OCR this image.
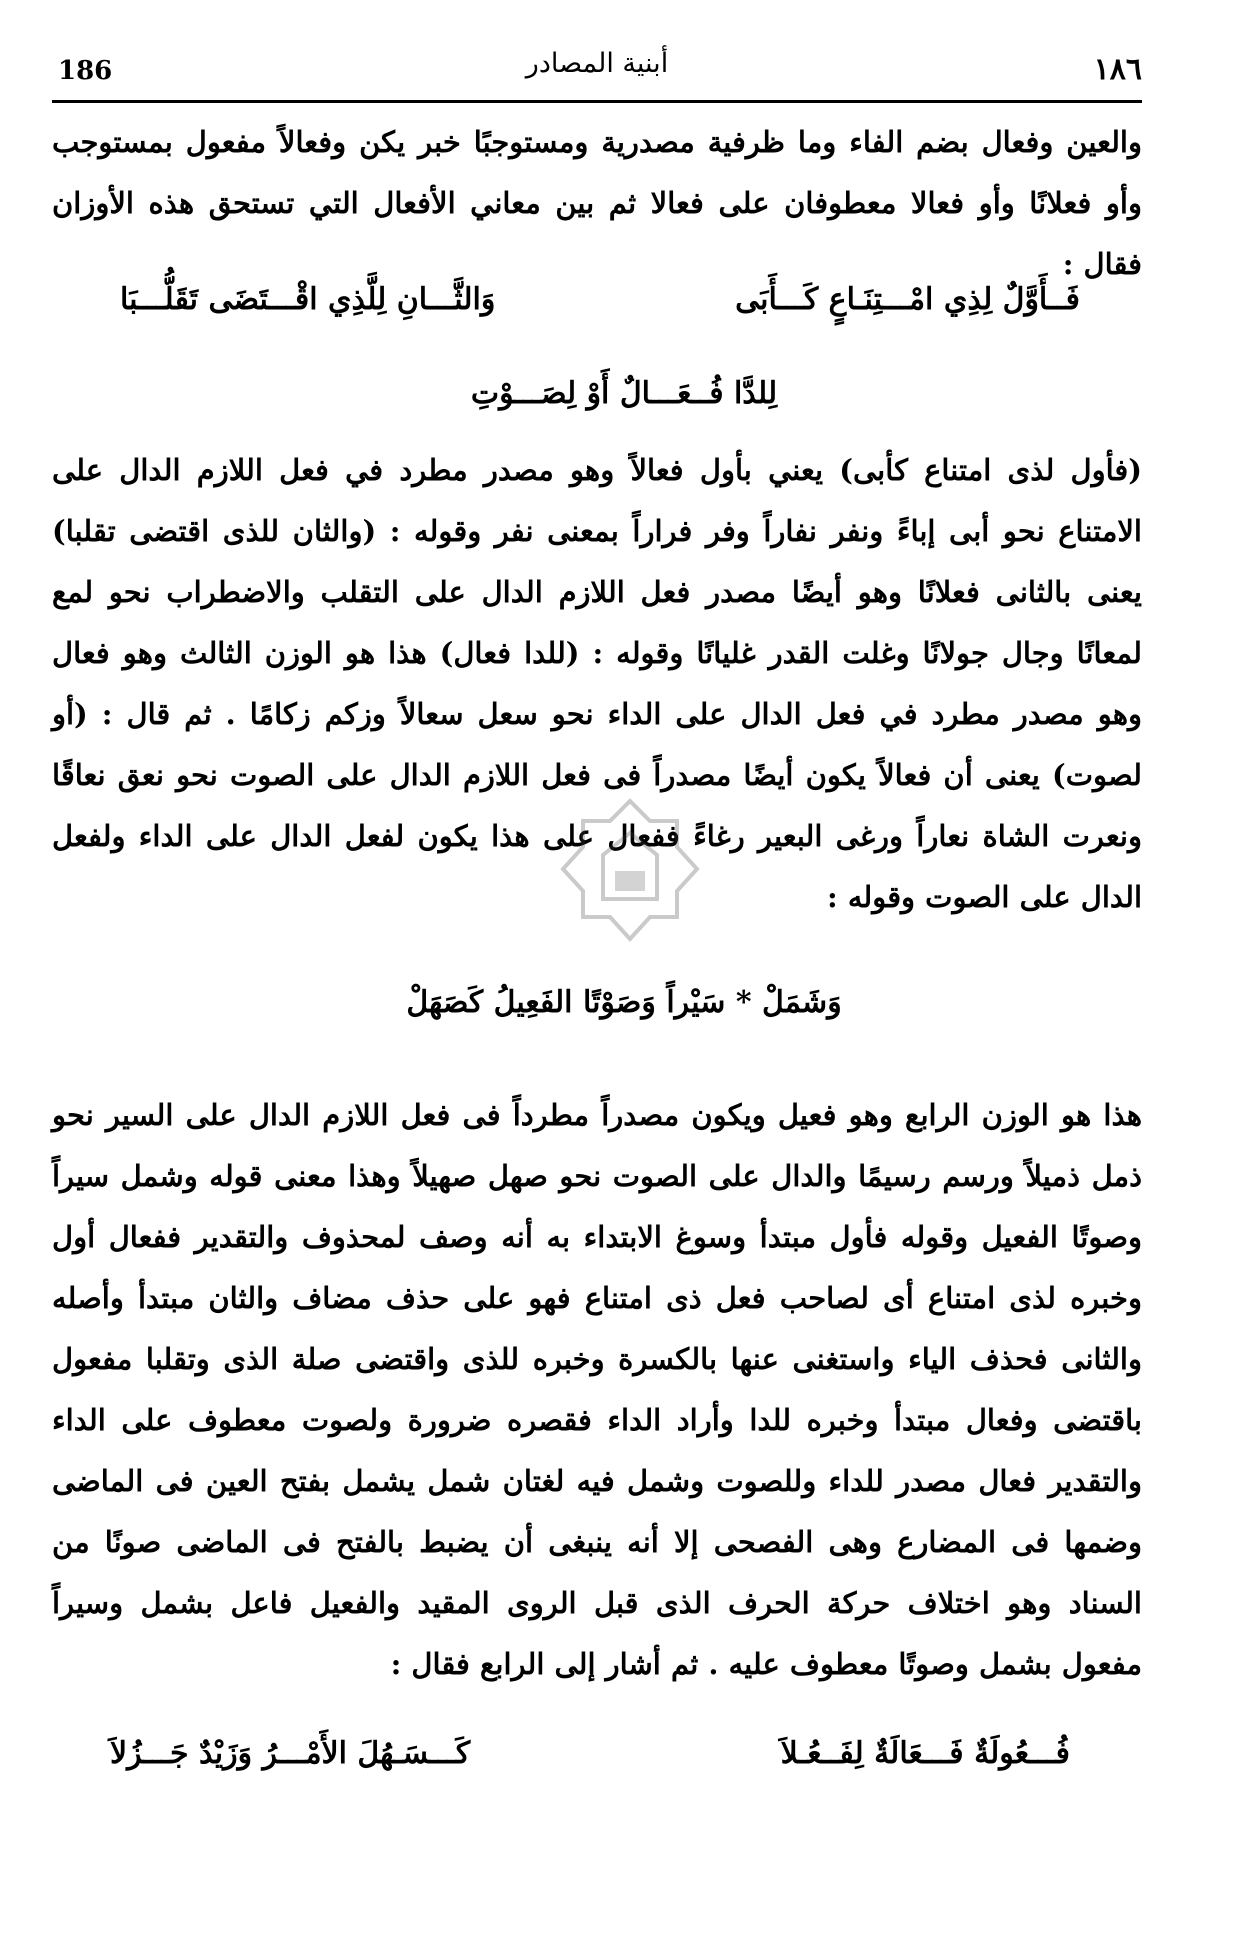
186	أبنية المصادر	١٨٦
والعين وفعال بضم الفاء وما ظرفية مصدرية ومستوجبًا خبر يكن وفعالاً مفعول بمستوجب وأو فعلانًا وأو فعالا معطوفان على فعالا ثم بين معاني الأفعال التي تستحق هذه الأوزان فقال :
فَــأَوَّلٌ لِذِي امْـــتِنَـاعٍ كَـــأَبَى
وَالثَّـــانِ لِلَّذِي اقْـــتَضَى تَقَلُّـــبَا
لِلدَّا فُــعَـــالٌ أَوْ لِصَـــوْتِ
(فأول لذى امتناع كأبى) يعني بأول فعالاً وهو مصدر مطرد في فعل اللازم الدال على الامتناع نحو أبى إباءً ونفر نفاراً وفر فراراً بمعنى نفر وقوله : (والثان للذى اقتضى تقلبا) يعنى بالثانى فعلانًا وهو أيضًا مصدر فعل اللازم الدال على التقلب والاضطراب نحو لمع لمعانًا وجال جولانًا وغلت القدر غليانًا وقوله : (للدا فعال) هذا هو الوزن الثالث وهو فعال وهو مصدر مطرد في فعل الدال على الداء نحو سعل سعالاً وزكم زكامًا . ثم قال : (أو لصوت) يعنى أن فعالاً يكون أيضًا مصدراً فى فعل اللازم الدال على الصوت نحو نعق نعاقًا ونعرت الشاة نعاراً ورغى البعير رغاءً ففعال على هذا يكون لفعل الدال على الداء ولفعل الدال على الصوت وقوله :
وَشَمَلْ * سَيْراً وَصَوْتًا الفَعِيلُ كَصَهَلْ
هذا هو الوزن الرابع وهو فعيل ويكون مصدراً مطرداً فى فعل اللازم الدال على السير نحو ذمل ذميلاً ورسم رسيمًا والدال على الصوت نحو صهل صهيلاً وهذا معنى قوله وشمل سيراً وصوتًا الفعيل وقوله فأول مبتدأ وسوغ الابتداء به أنه وصف لمحذوف والتقدير ففعال أول وخبره لذى امتناع أى لصاحب فعل ذى امتناع فهو على حذف مضاف والثان مبتدأ وأصله والثانى فحذف الياء واستغنى عنها بالكسرة وخبره للذى واقتضى صلة الذى وتقلبا مفعول باقتضى وفعال مبتدأ وخبره للدا وأراد الداء فقصره ضرورة ولصوت معطوف على الداء والتقدير فعال مصدر للداء وللصوت وشمل فيه لغتان شمل يشمل بفتح العين فى الماضى وضمها فى المضارع وهى الفصحى إلا أنه ينبغى أن يضبط بالفتح فى الماضى صونًا من السناد وهو اختلاف حركة الحرف الذى قبل الروى المقيد والفعيل فاعل بشمل وسيراً مفعول بشمل وصوتًا معطوف عليه . ثم أشار إلى الرابع فقال :
فُـــعُولَةٌ فَـــعَالَةٌ لِفَــعُـلاَ
كَـــسَـهُلَ الأَمْـــرُ وَزَيْدٌ جَـــزُلاَ
